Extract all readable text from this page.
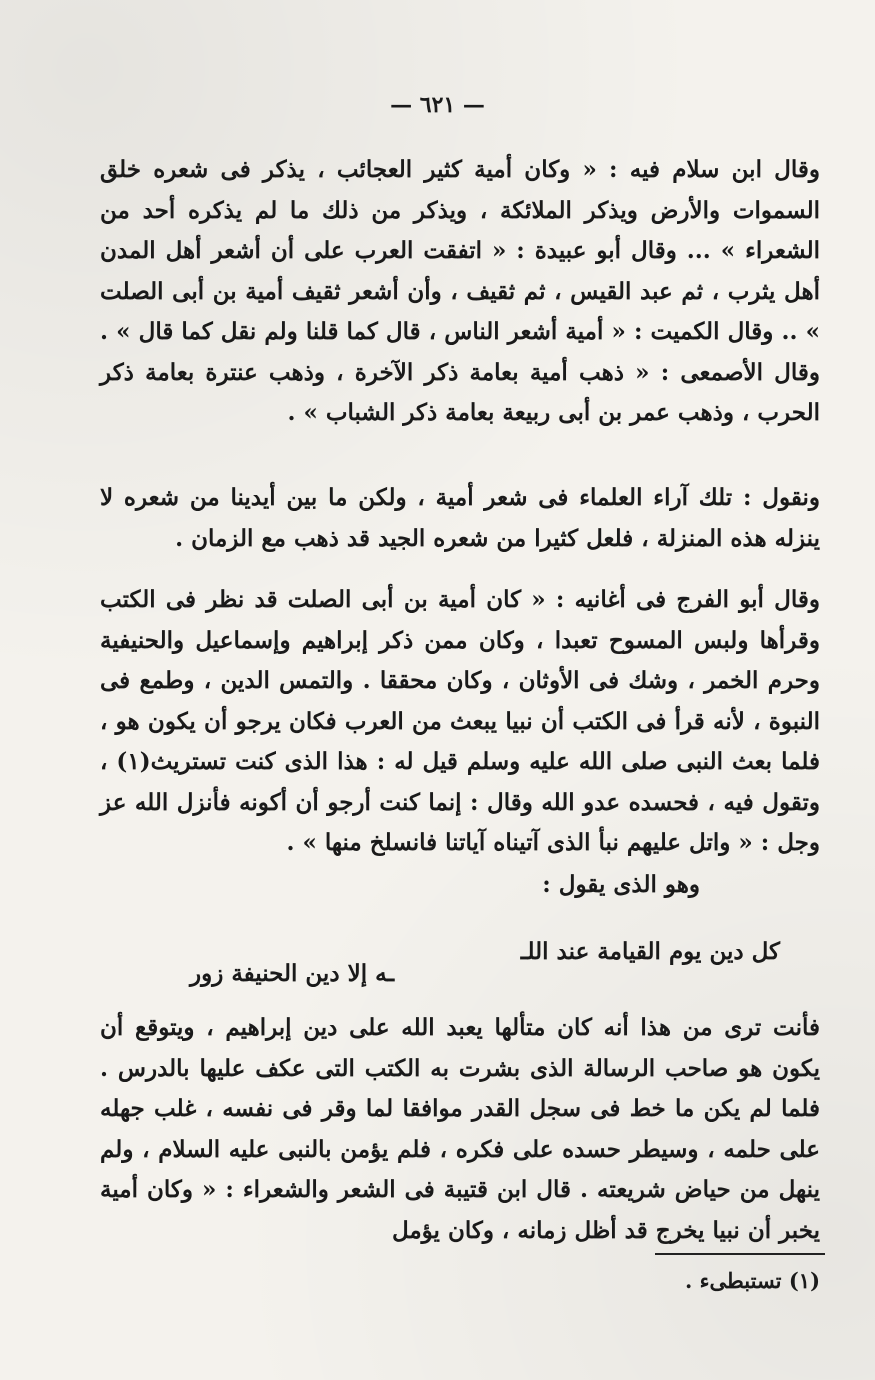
— ٦٢١ —

وقال ابن سلام فيه : « وكان أمية كثير العجائب ، يذكر فى شعره خلق السموات والأرض ويذكر الملائكة ، ويذكر من ذلك ما لم يذكره أحد من الشعراء » ... وقال أبو عبيدة : « اتفقت العرب على أن أشعر أهل المدن أهل يثرب ، ثم عبد القيس ، ثم ثقيف ، وأن أشعر ثقيف أمية بن أبى الصلت » .. وقال الكميت : « أمية أشعر الناس ، قال كما قلنا ولم نقل كما قال » . وقال الأصمعى : « ذهب أمية بعامة ذكر الآخرة ، وذهب عنترة بعامة ذكر الحرب ، وذهب عمر بن أبى ربيعة بعامة ذكر الشباب » .

ونقول : تلك آراء العلماء فى شعر أمية ، ولكن ما بين أيدينا من شعره لا ينزله هذه المنزلة ، فلعل كثيرا من شعره الجيد قد ذهب مع الزمان .

وقال أبو الفرج فى أغانيه : « كان أمية بن أبى الصلت قد نظر فى الكتب وقرأها ولبس المسوح تعبدا ، وكان ممن ذكر إبراهيم وإسماعيل والحنيفية وحرم الخمر ، وشك فى الأوثان ، وكان محققا . والتمس الدين ، وطمع فى النبوة ، لأنه قرأ فى الكتب أن نبيا يبعث من العرب فكان يرجو أن يكون هو ، فلما بعث النبى صلى الله عليه وسلم قيل له : هذا الذى كنت تستريث(١) ، وتقول فيه ، فحسده عدو الله وقال : إنما كنت أرجو أن أكونه فأنزل الله عز وجل : « واتل عليهم نبأ الذى آتيناه آياتنا فانسلخ منها » .

وهو الذى يقول :

كل دين يوم القيامة عند اللـ
ـه إلا دين الحنيفة زور

فأنت ترى من هذا أنه كان متألها يعبد الله على دين إبراهيم ، ويتوقع أن يكون هو صاحب الرسالة الذى بشرت به الكتب التى عكف عليها بالدرس . فلما لم يكن ما خط فى سجل القدر موافقا لما وقر فى نفسه ، غلب جهله على حلمه ، وسيطر حسده على فكره ، فلم يؤمن بالنبى عليه السلام ، ولم ينهل من حياض شريعته . قال ابن قتيبة فى الشعر والشعراء : « وكان أمية يخبر أن نبيا يخرج قد أظل زمانه ، وكان يؤمل

(١) تستبطىء .
